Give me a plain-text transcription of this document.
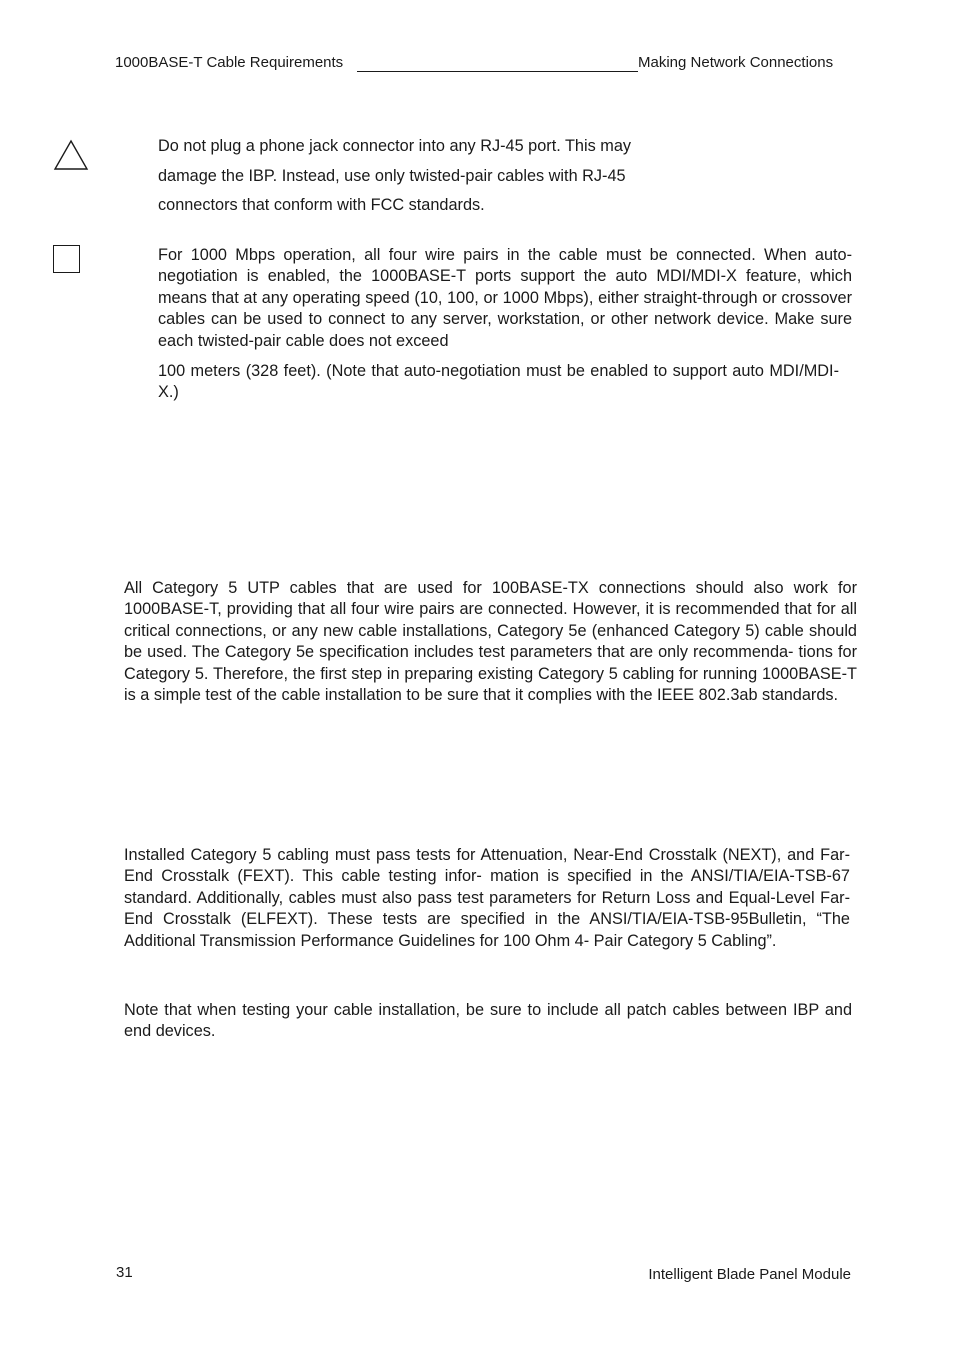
1000BASE-T Cable Requirements	Making Network Connections
Do not plug a phone jack connector into any RJ-45 port. This may
damage the IBP. Instead, use only twisted-pair cables with RJ-45
connectors that conform with FCC standards.
For 1000 Mbps operation, all four wire pairs in the cable must be connected. When auto-negotiation is enabled, the 1000BASE-T ports support the auto MDI/MDI-X feature, which means that at any operating speed (10, 100, or 1000 Mbps), either straight-through or crossover cables can be used to connect to any server, workstation, or other network device. Make sure each twisted-pair cable does not exceed
100 meters (328 feet). (Note that auto-negotiation must be enabled to support auto MDI/MDI-X.)
All Category 5 UTP cables that are used for 100BASE-TX connections should also work for 1000BASE-T, providing that all four wire pairs are connected. However, it is recommended that for all critical connections, or any new cable installations, Category 5e (enhanced Category 5) cable should be used. The Category 5e specification includes test parameters that are only recommenda- tions for Category 5. Therefore, the first step in preparing existing Category 5 cabling for running 1000BASE-T is a simple test of the cable installation to be sure that it complies with the IEEE 802.3ab standards.
Installed Category 5 cabling must pass tests for Attenuation, Near-End Crosstalk (NEXT), and Far-End Crosstalk (FEXT). This cable testing infor- mation is specified in the ANSI/TIA/EIA-TSB-67 standard. Additionally, cables must also pass test parameters for Return Loss and Equal-Level Far-End Crosstalk (ELFEXT). These tests are specified in the ANSI/TIA/EIA-TSB-95Bulletin, “The Additional Transmission Performance Guidelines for 100 Ohm 4- Pair Category 5 Cabling”.
Note that when testing your cable installation, be sure to include all patch cables between IBP and end devices.
31	Intelligent Blade Panel Module
